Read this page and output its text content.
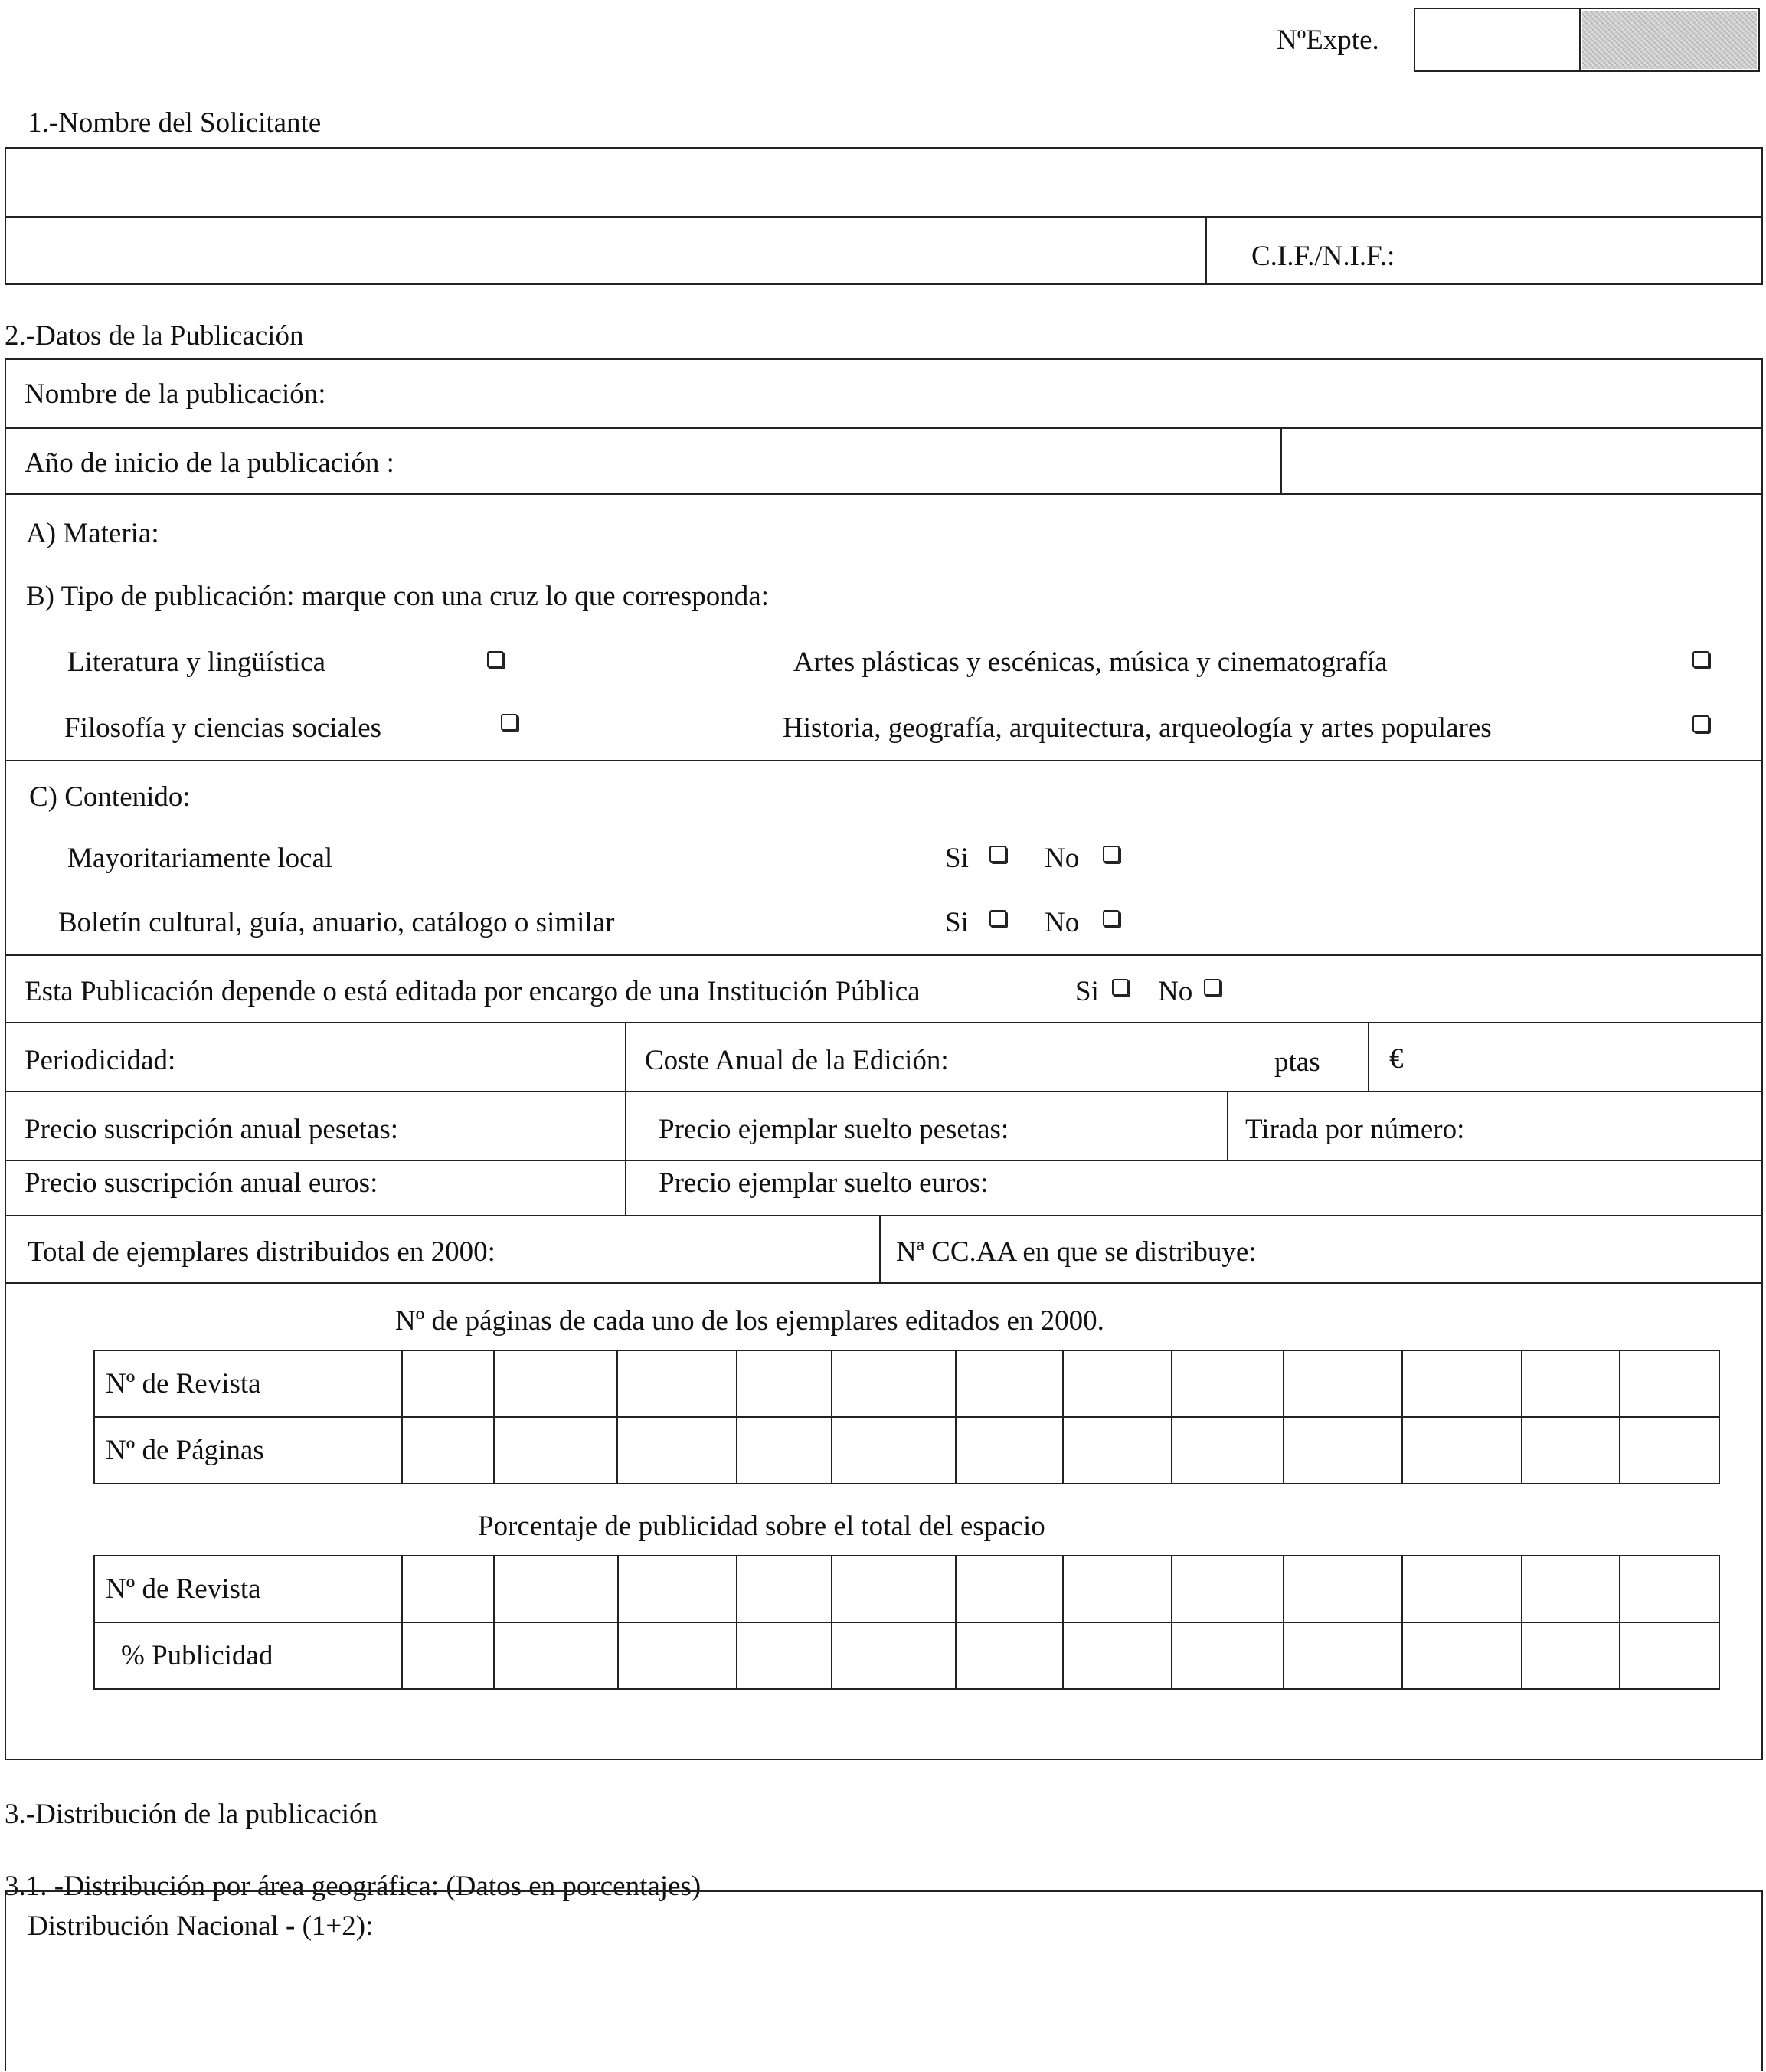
NºExpte.
1.-Nombre del Solicitante
C.I.F./N.I.F.:
2.-Datos de la Publicación
Nombre de la publicación:
Año de inicio de la publicación :
A) Materia:
B) Tipo de publicación: marque con una cruz lo que corresponda:
Literatura y lingüística	Artes plásticas y escénicas, música y cinematografía
Filosofía y ciencias sociales	Historia, geografía, arquitectura, arqueología y artes populares
C) Contenido:
Mayoritariamente local	Si	No
Boletín cultural, guía, anuario, catálogo o similar	Si	No
Esta Publicación depende o está editada por encargo de una Institución Pública	Si No
Periodicidad:	Coste Anual de la Edición:	ptas €
Precio suscripción anual pesetas:	Precio ejemplar suelto pesetas:	Tirada por número:
Precio suscripción anual euros:	Precio ejemplar suelto euros:
Total de ejemplares distribuidos en 2000:	Nª CC.AA en que se distribuye:
Nº de páginas de cada uno de los ejemplares editados en 2000.
Nº de Revista												
Nº de Páginas												
Porcentaje de publicidad sobre el total del espacio
Nº de Revista												
% Publicidad												
3.-Distribución de la publicación
3.1. -Distribución por área geográfica: (Datos en porcentajes)
Distribución Nacional - (1+2):
